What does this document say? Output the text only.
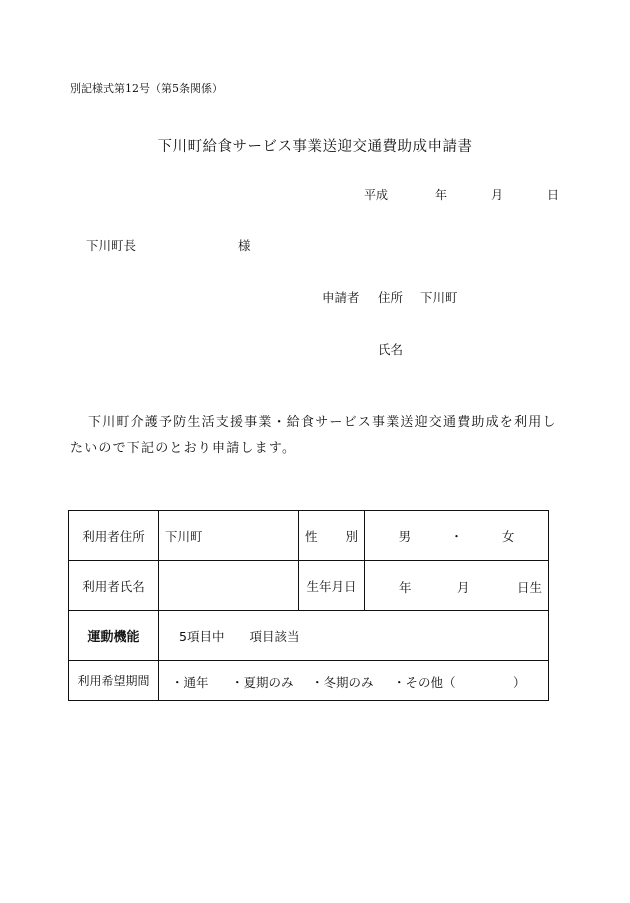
別記様式第12号（第5条関係）
下川町給食サービス事業送迎交通費助成申請書
平成	年	月	日
下川町長	様
申請者 住所 下川町
氏名
下川町介護予防生活支援事業・給食サービス事業送迎交通費助成を利用したいので下記のとおり申請します。
利用者住所	下川町	性 別	男 ・ 女

利用者氏名		生年月日	年 月 日生

運動機能	5項目中　　項目該当		
利用希望期間	・通年 ・夏期のみ ・冬期のみ ・その他（ ）		
